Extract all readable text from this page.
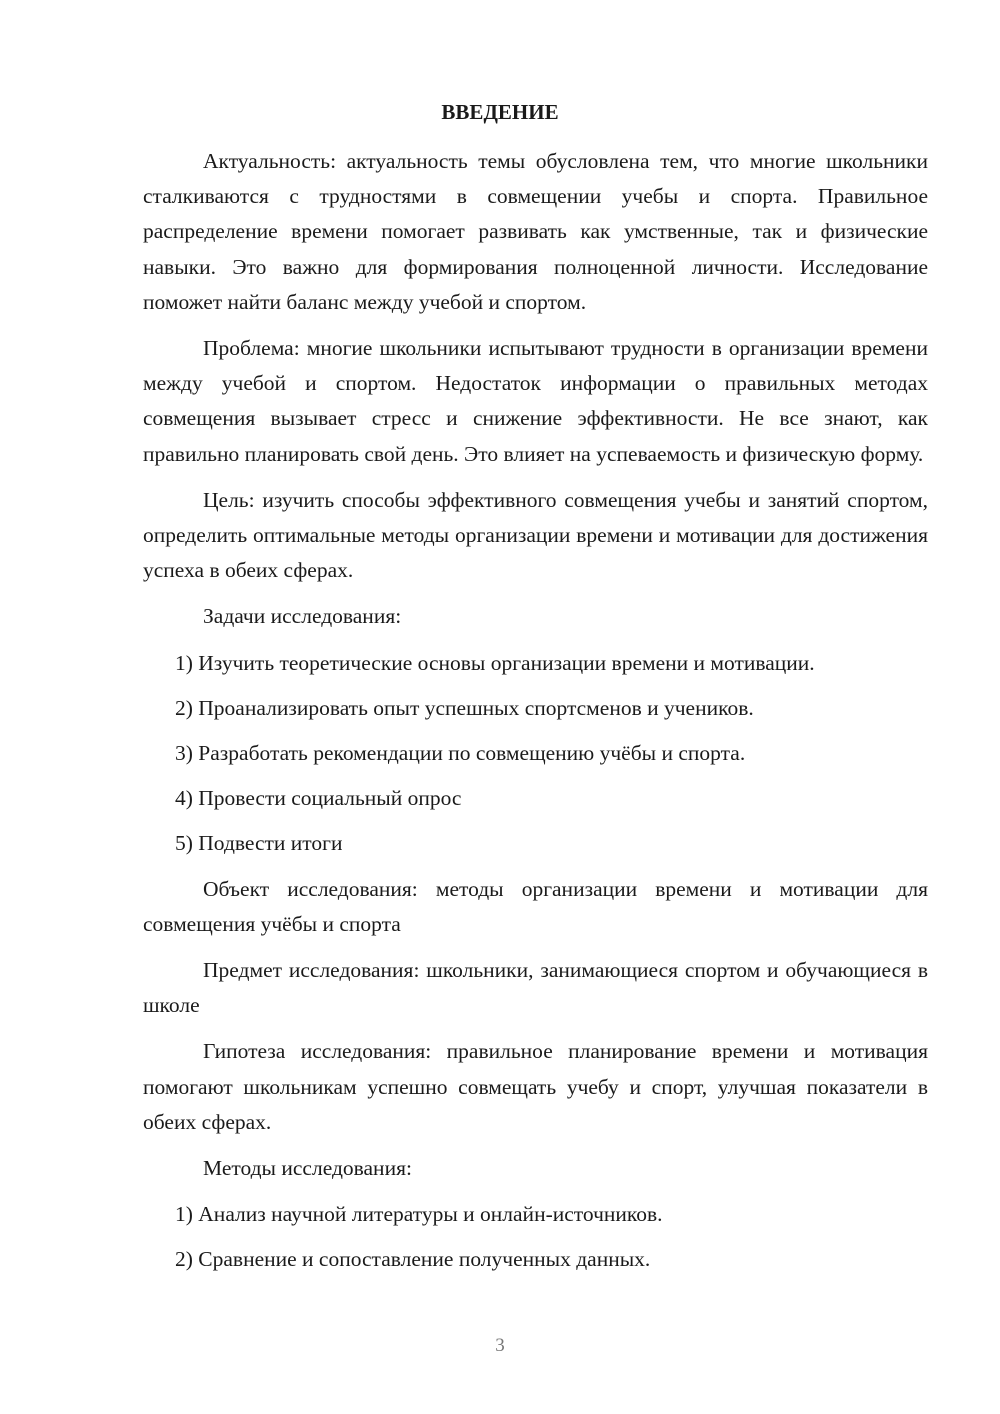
ВВЕДЕНИЕ

Актуальность: актуальность темы обусловлена тем, что многие школьники сталкиваются с трудностями в совмещении учебы и спорта. Правильное распределение времени помогает развивать как умственные, так и физические навыки. Это важно для формирования полноценной личности. Исследование поможет найти баланс между учебой и спортом.

Проблема: многие школьники испытывают трудности в организации времени между учебой и спортом. Недостаток информации о правильных методах совмещения вызывает стресс и снижение эффективности. Не все знают, как правильно планировать свой день. Это влияет на успеваемость и физическую форму.

Цель: изучить способы эффективного совмещения учебы и занятий спортом, определить оптимальные методы организации времени и мотивации для достижения успеха в обеих сферах.

Задачи исследования:

1) Изучить теоретические основы организации времени и мотивации.

2) Проанализировать опыт успешных спортсменов и учеников.

3) Разработать рекомендации по совмещению учёбы и спорта.

4) Провести социальный опрос

5) Подвести итоги

Объект исследования: методы организации времени и мотивации для совмещения учёбы и спорта

Предмет исследования: школьники, занимающиеся спортом и обучающиеся в школе

Гипотеза исследования: правильное планирование времени и мотивация помогают школьникам успешно совмещать учебу и спорт, улучшая показатели в обеих сферах.

Методы исследования:

1) Анализ научной литературы и онлайн-источников.

2) Сравнение и сопоставление полученных данных.

3
